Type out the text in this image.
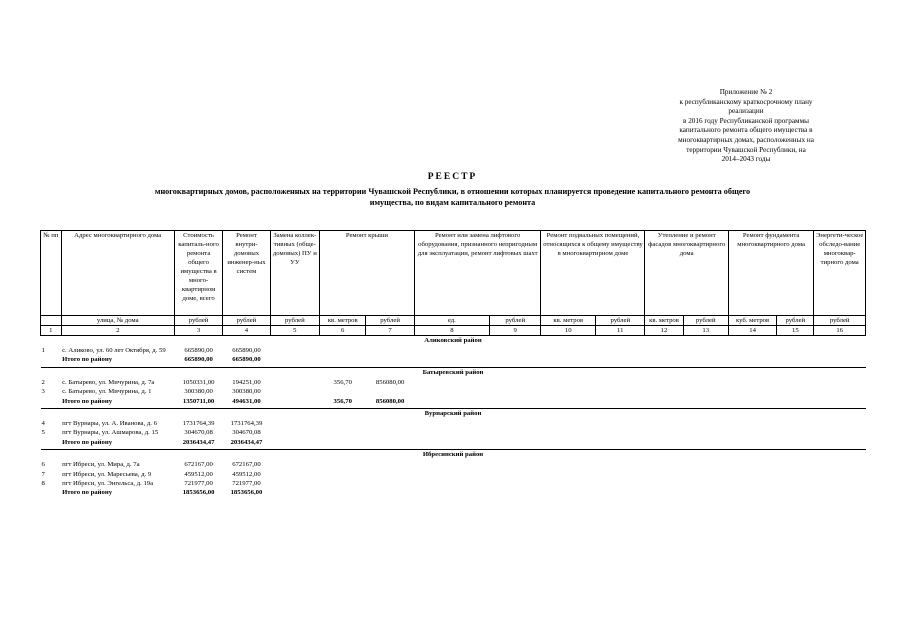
Приложение № 2
к республиканскому краткосрочному плану
реализации
в 2016 году Республиканской программы
капитального ремонта общего имущества в
многоквартирных домах, расположенных на
территории Чувашской Республики, на
2014–2043 годы
РЕЕСТР
многоквартирных домов, расположенных на территории Чувашской Республики, в отношении которых планируется проведение капитального ремонта общего имущества, по видам капитального ремонта
№ пп	Адрес многоквартирного дома	Стоимость капиталь-ного ремонта общего имущества в много-квартирном доме, всего	Ремонт внутри-домовых инженер-ных систем	Замена коллек-тивных (обще-домовых) ПУ и УУ	Ремонт крыши		Ремонт или замена лифтового оборудования, признанного непригодным для эксплуатации, ремонт лифтовых шахт		Ремонт подвальных помещений, относящихся к общему имуществу в многоквартирном доме		Утепление и ремонт фасадов многоквартирного дома		Ремонт фундамента многоквартирного дома		Энергети-ческое обследо-вание многоквар-тирного дома
	улица, № дома	рублей	рублей	рублей	кв. метров	рублей	ед.	рублей	кв. метров	рублей	кв. метров	рублей	куб. метров	рублей	рублей
1	2	3	4	5	6	7	8	9	10	11	12	13	14	15	16
Аликовский район															
1	с. Аликово, ул. 60 лет Октября, д. 59	665890,00	665890,00												
	Итого по району	665890,00	665890,00												
Батыревский район															
2	с. Батырево, ул. Мичурина, д. 7а	1050331,00	194251,00		356,70	856080,00									
3	с. Батырево, ул. Мичурина, д. 1	300380,00	300380,00												
	Итого по району	1350711,00	494631,00		356,70	856080,00									
Вурнарский район															
4	пгт Вурнары, ул. А. Иванова, д. 6	1731764,39	1731764,39												
5	пгт Вурнары, ул. Ашмарова, д. 15	304670,08	304670,08												
	Итого по району	2036434,47	2036434,47												
Ибресинский район															
6	пгт Ибреси, ул. Мира, д. 7а	672167,00	672167,00												
7	пгт Ибреси, ул. Маресьева, д. 9	459512,00	459512,00												
8	пгт Ибреси, ул. Энгельса, д. 19а	721977,00	721977,00												
	Итого по району	1853656,00	1853656,00												
